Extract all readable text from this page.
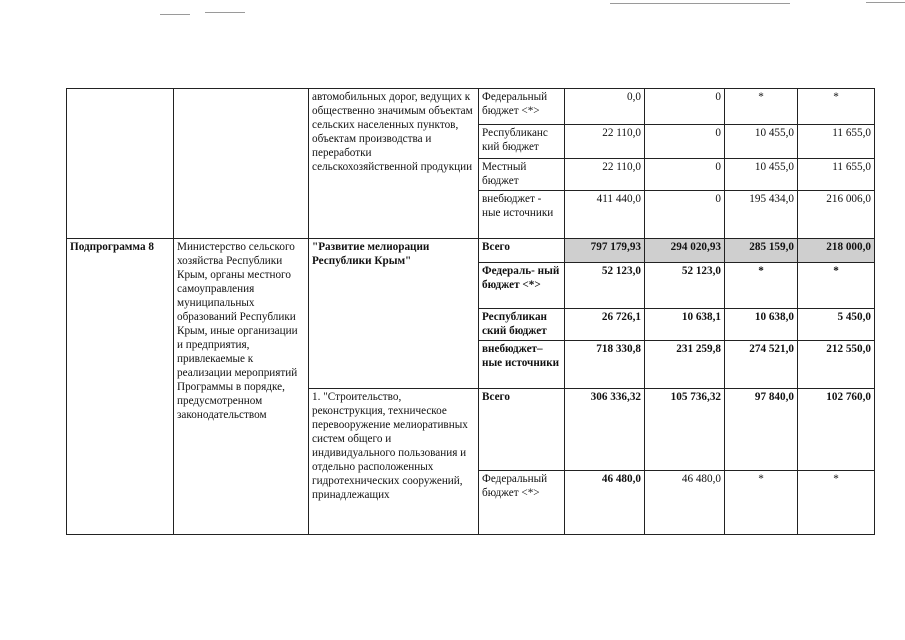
		автомобильных дорог, ведущих к общественно значимым объектам сельских населенных пунктов, объектам производства и переработки сельскохозяйственной продукции	Федеральный бюджет <*>	0,0	0	*	*
			Республиканс кий бюджет	22 110,0	0	10 455,0	11 655,0
			Местный бюджет	22 110,0	0	10 455,0	11 655,0
			внебюджет - ные источники	411 440,0	0	195 434,0	216 006,0
Подпрограмма 8	Министерство сельского хозяйства Республики Крым, органы местного самоуправления муниципальных образований Республики Крым, иные организации и предприятия, привлекаемые к реализации мероприятий Программы в порядке, предусмотренном законодательством	"Развитие мелиорации Республики Крым"	Всего	797 179,93	294 020,93	285 159,0	218 000,0
			Федераль- ный бюджет <*>	52 123,0	52 123,0	*	*
			Республикан ский бюджет	26 726,1	10 638,1	10 638,0	5 450,0
			внебюджет– ные источники	718 330,8	231 259,8	274 521,0	212 550,0
		1. "Строительство, реконструкция, техническое перевооружение мелиоративных систем общего и индивидуального пользования и отдельно расположенных гидротехнических сооружений, принадлежащих	Всего	306 336,32	105 736,32	97 840,0	102 760,0
			Федеральный бюджет <*>	46 480,0	46 480,0	*	*
